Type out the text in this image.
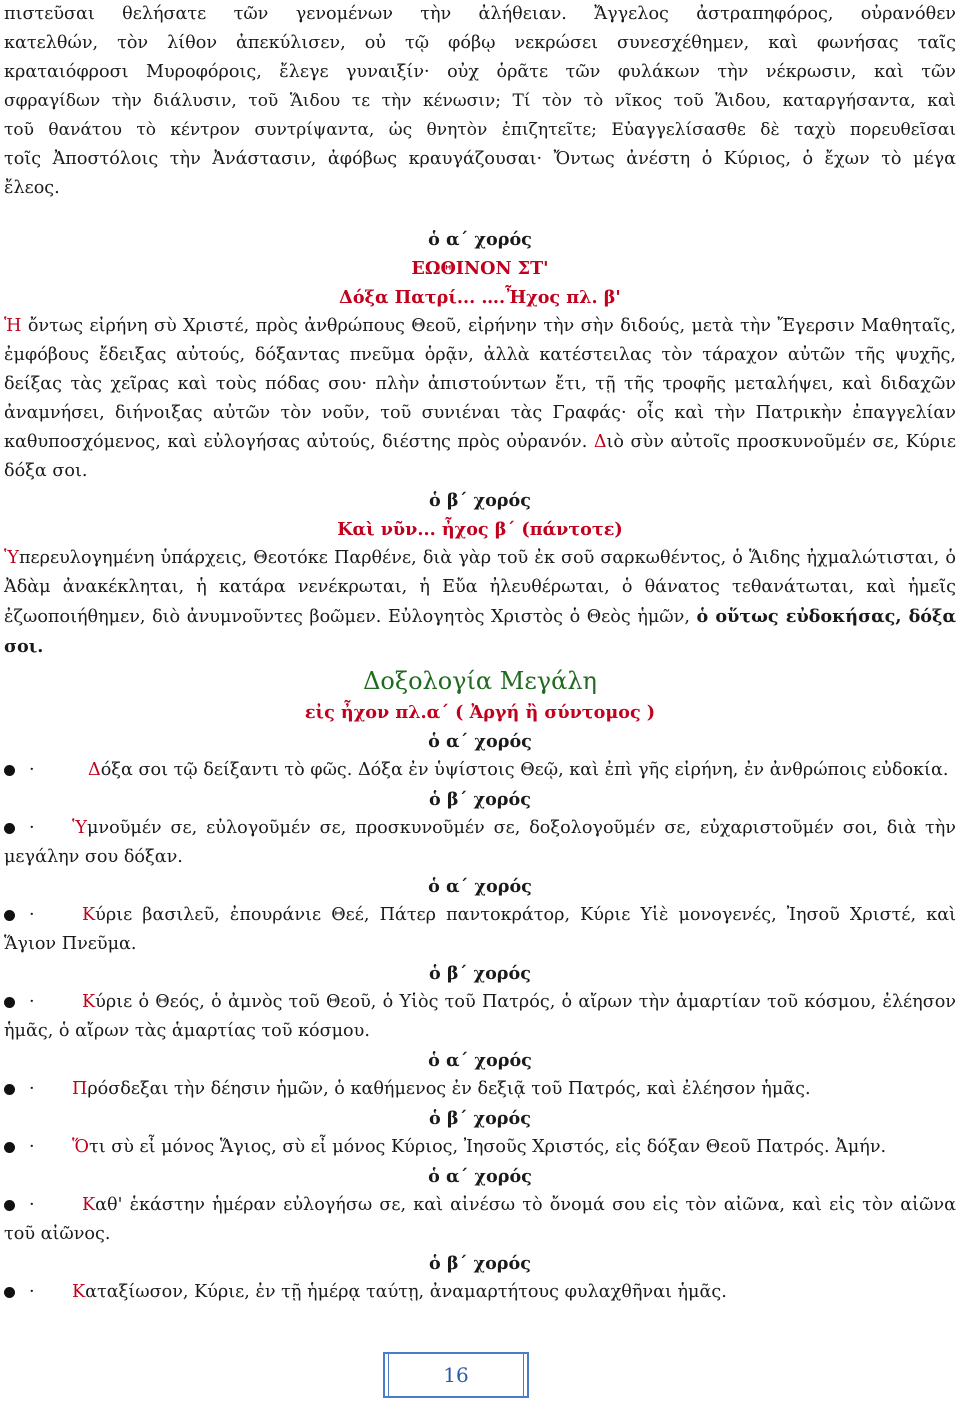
πιστεῦσαι θελήσατε τῶν γενομένων τὴν ἀλήθειαν. Ἄγγελος ἀστραπηφόρος, οὐρανόθεν
κατελθών, τὸν λίθον ἀπεκύλισεν, οὐ τῷ φόβῳ νεκρώσει συνεσχέθημεν, καὶ φωνήσας ταῖς
κραταιόφροσι Μυροφόροις, ἔλεγε γυναιξίν· οὐχ ὁρᾶτε τῶν φυλάκων τὴν νέκρωσιν, καὶ τῶν
σφραγίδων τὴν διάλυσιν, τοῦ Ἅιδου τε τὴν κένωσιν; Τί τὸν τὸ νῖκος τοῦ Ἅιδου, καταργήσαντα, καὶ
τοῦ θανάτου τὸ κέντρον συντρίψαντα, ὡς θνητὸν ἐπιζητεῖτε; Εὐαγγελίσασθε δὲ ταχὺ πορευθεῖσαι
τοῖς Ἀποστόλοις τὴν Ἀνάστασιν, ἀφόβως κραυγάζουσαι· Ὄντως ἀνέστη ὁ Κύριος, ὁ ἔχων τὸ μέγα
ἔλεος.

ὁ α΄ χορός

ΕΩΘΙΝΟΝ ΣΤ'

Δόξα Πατρί... ….Ἦχος πλ. β'

Ἡ ὄντως εἰρήνη σὺ Χριστέ, πρὸς ἀνθρώπους Θεοῦ, εἰρήνην τὴν σὴν διδούς, μετὰ τὴν Ἔγερσιν Μαθηταῖς, ἐμφόβους ἔδειξας αὐτούς, δόξαντας πνεῦμα ὁρᾷν, ἀλλὰ κατέστειλας τὸν τάραχον αὐτῶν τῆς ψυχῆς, δείξας τὰς χεῖρας καὶ τοὺς πόδας σου· πλὴν ἀπιστούντων ἔτι, τῇ τῆς τροφῆς μεταλήψει, καὶ διδαχῶν ἀναμνήσει, διήνοιξας αὐτῶν τὸν νοῦν, τοῦ συνιέναι τὰς Γραφάς· οἷς καὶ τὴν Πατρικὴν ἐπαγγελίαν καθυποσχόμενος, καὶ εὐλογήσας αὐτούς, διέστης πρὸς οὐρανόν. Διὸ σὺν αὐτοῖς προσκυνοῦμέν σε, Κύριε δόξα σοι.

ὁ β΄ χορός

Καὶ νῦν... ἦχος β΄ (πάντοτε)

Ὑπερευλογημένη ὑπάρχεις, Θεοτόκε Παρθένε, διὰ γὰρ τοῦ ἐκ σοῦ σαρκωθέντος, ὁ Ἅιδης ἠχμαλώτισται, ὁ Ἀδὰμ ἀνακέκληται, ἡ κατάρα νενέκρωται, ἡ Εὔα ἠλευθέρωται, ὁ θάνατος τεθανάτωται, καὶ ἡμεῖς ἐζωοποιήθημεν, διὸ ἀνυμνοῦντες βοῶμεν. Εὐλογητὸς Χριστὸς ὁ Θεὸς ἡμῶν, ὁ οὕτως εὐδοκήσας, δόξα σοι.

Δοξολογία Μεγάλη

εἰς ἦχον πλ.α΄ ( Ἀργή ἢ σύντομος )

ὁ α΄ χορός

·	Δόξα σοι τῷ δείξαντι τὸ φῶς. Δόξα ἐν ὑψίστοις Θεῷ, καὶ ἐπὶ γῆς εἰρήνη, ἐν ἀνθρώποις εὐδοκία.

ὁ β΄ χορός

· Ὑμνοῦμέν σε, εὐλογοῦμέν σε, προσκυνοῦμέν σε, δοξολογοῦμέν σε, εὐχαριστοῦμέν σοι, διὰ τὴν μεγάλην σου δόξαν.

ὁ α΄ χορός

·	Κύριε βασιλεῦ, ἐπουράνιε Θεέ, Πάτερ παντοκράτορ, Κύριε Υἱὲ μονογενές, Ἰησοῦ Χριστέ, καὶ Ἅγιον Πνεῦμα.

ὁ β΄ χορός

·	Κύριε ὁ Θεός, ὁ ἀμνὸς τοῦ Θεοῦ, ὁ Υἱὸς τοῦ Πατρός, ὁ αἴρων τὴν ἁμαρτίαν τοῦ κόσμου, ἐλέησον ἡμᾶς, ὁ αἴρων τὰς ἁμαρτίας τοῦ κόσμου.

ὁ α΄ χορός

· Πρόσδεξαι τὴν δέησιν ἡμῶν, ὁ καθήμενος ἐν δεξιᾷ τοῦ Πατρός, καὶ ἐλέησον ἡμᾶς.

ὁ β΄ χορός

· Ὅτι σὺ εἶ μόνος Ἅγιος, σὺ εἶ μόνος Κύριος, Ἰησοῦς Χριστός, εἰς δόξαν Θεοῦ Πατρός. Ἀμήν.

ὁ α΄ χορός

·	Καθ' ἑκάστην ἡμέραν εὐλογήσω σε, καὶ αἰνέσω τὸ ὄνομά σου εἰς τὸν αἰῶνα, καὶ εἰς τὸν αἰῶνα τοῦ αἰῶνος.

ὁ β΄ χορός

· Καταξίωσον, Κύριε, ἐν τῇ ἡμέρᾳ ταύτῃ, ἀναμαρτήτους φυλαχθῆναι ἡμᾶς.

16
